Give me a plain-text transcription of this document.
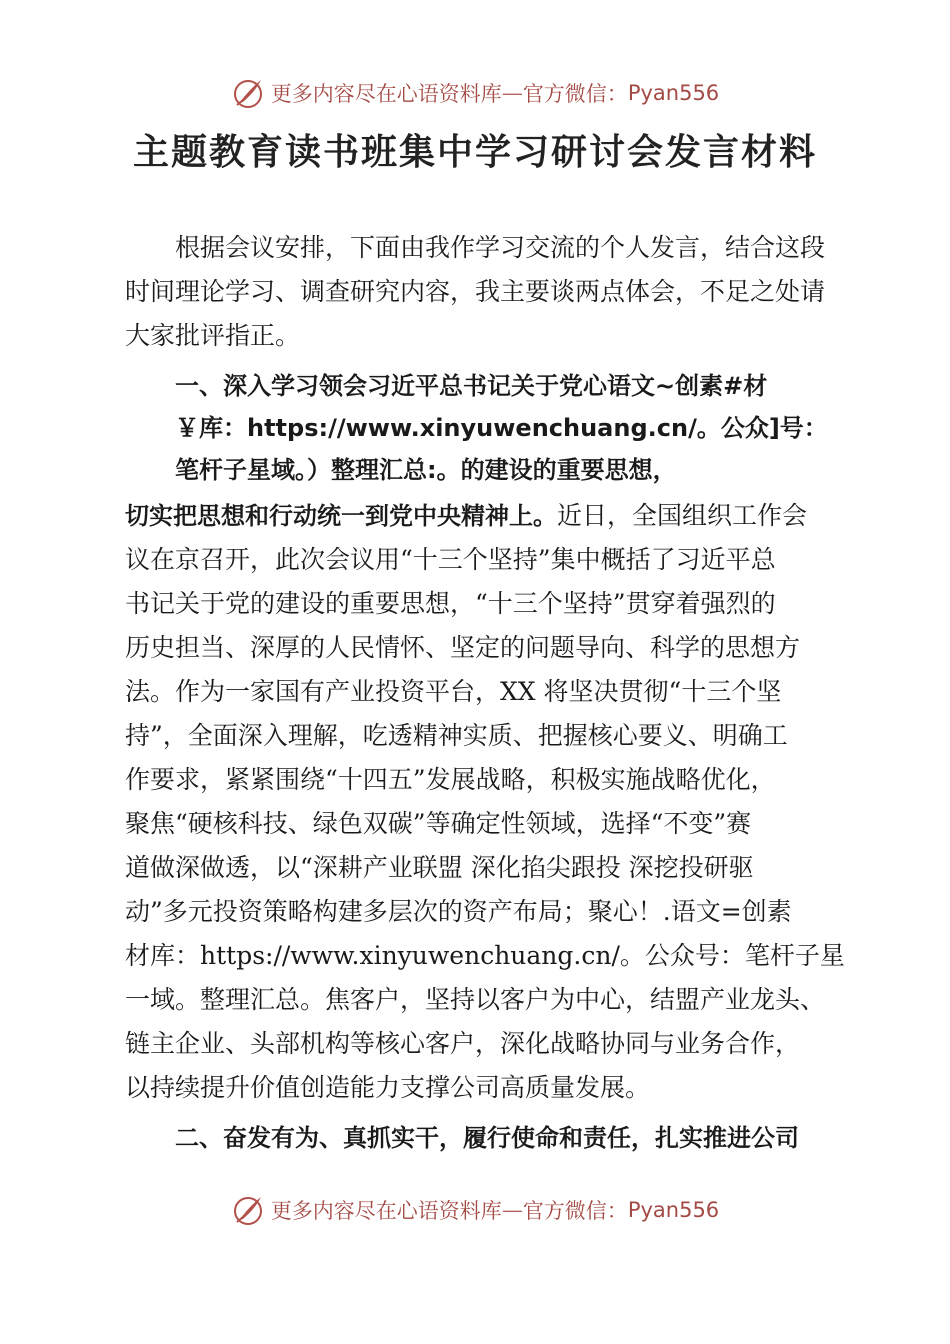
更多内容尽在心语资料库 — 官方微信： Pyan556
主题教育读书班集中学习研讨会发言材料
根据会议安排，下面由我作学习交流的个人发言，结合这段
时间理论学习、调查研究内容，我主要谈两点体会，不足之处请
大家批评指正。
一、深入学习领会习近平总书记关于党心语文~创素#材
￥库：https://www.xinyuwenchuang.cn/。公众]号：
笔杆子星域。）整理汇总:。的建设的重要思想，
切实把思想和行动统一到党中央精神上。近日，全国组织工作会
议在京召开，此次会议用“十三个坚持”集中概括了习近平总
书记关于党的建设的重要思想，“十三个坚持”贯穿着强烈的
历史担当、深厚的人民情怀、坚定的问题导向、科学的思想方
法。作为一家国有产业投资平台，XX 将坚决贯彻“十三个坚
持”，全面深入理解，吃透精神实质、把握核心要义、明确工
作要求，紧紧围绕“十四五”发展战略，积极实施战略优化，
聚焦“硬核科技、绿色双碳”等确定性领域，选择“不变”赛
道做深做透，以“深耕产业联盟 深化掐尖跟投 深挖投研驱
动”多元投资策略构建多层次的资产布局；聚心！.语文=创素
材库：https://www.xinyuwenchuang.cn/。公众号：笔杆子星
一域。整理汇总。焦客户，坚持以客户为中心，结盟产业龙头、
链主企业、头部机构等核心客户，深化战略协同与业务合作，
以持续提升价值创造能力支撑公司高质量发展。
二、奋发有为、真抓实干，履行使命和责任，扎实推进公司
更多内容尽在心语资料库 — 官方微信： Pyan556
